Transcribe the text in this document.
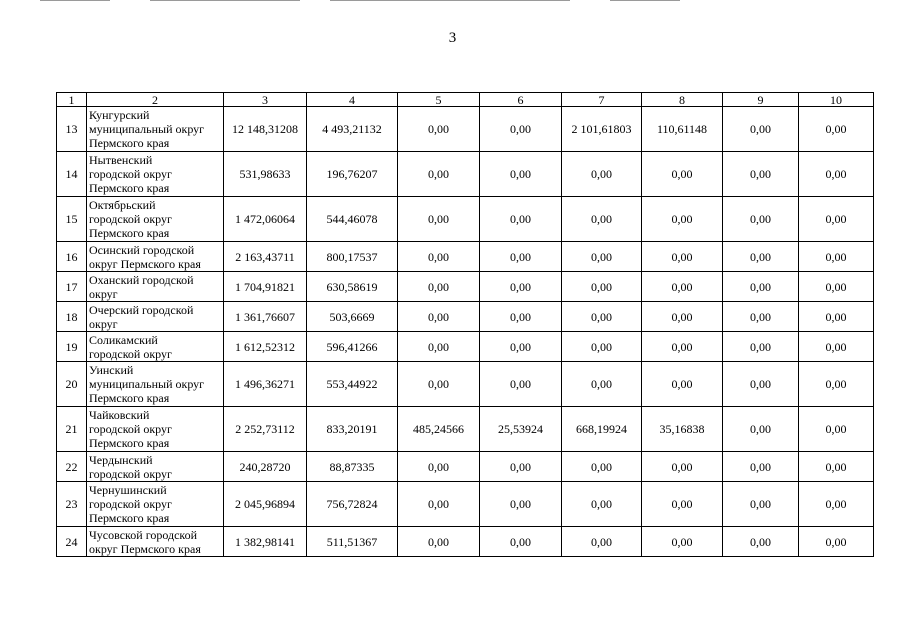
3
1	2	3	4	5	6	7	8	9	10
13	Кунгурский
муниципальный округ
Пермского края	12 148,31208	4 493,21132	0,00	0,00	2 101,61803	110,61148	0,00	0,00
14	Нытвенский
городской округ
Пермского края	531,98633	196,76207	0,00	0,00	0,00	0,00	0,00	0,00
15	Октябрьский
городской округ
Пермского края	1 472,06064	544,46078	0,00	0,00	0,00	0,00	0,00	0,00
16	Осинский городской
округ Пермского края	2 163,43711	800,17537	0,00	0,00	0,00	0,00	0,00	0,00
17	Оханский городской
округ	1 704,91821	630,58619	0,00	0,00	0,00	0,00	0,00	0,00
18	Очерский городской
округ	1 361,76607	503,6669	0,00	0,00	0,00	0,00	0,00	0,00
19	Соликамский
городской округ	1 612,52312	596,41266	0,00	0,00	0,00	0,00	0,00	0,00
20	Уинский
муниципальный округ
Пермского края	1 496,36271	553,44922	0,00	0,00	0,00	0,00	0,00	0,00
21	Чайковский
городской округ
Пермского края	2 252,73112	833,20191	485,24566	25,53924	668,19924	35,16838	0,00	0,00
22	Чердынский
городской округ	240,28720	88,87335	0,00	0,00	0,00	0,00	0,00	0,00
23	Чернушинский
городской округ
Пермского края	2 045,96894	756,72824	0,00	0,00	0,00	0,00	0,00	0,00
24	Чусовской городской
округ Пермского края	1 382,98141	511,51367	0,00	0,00	0,00	0,00	0,00	0,00
